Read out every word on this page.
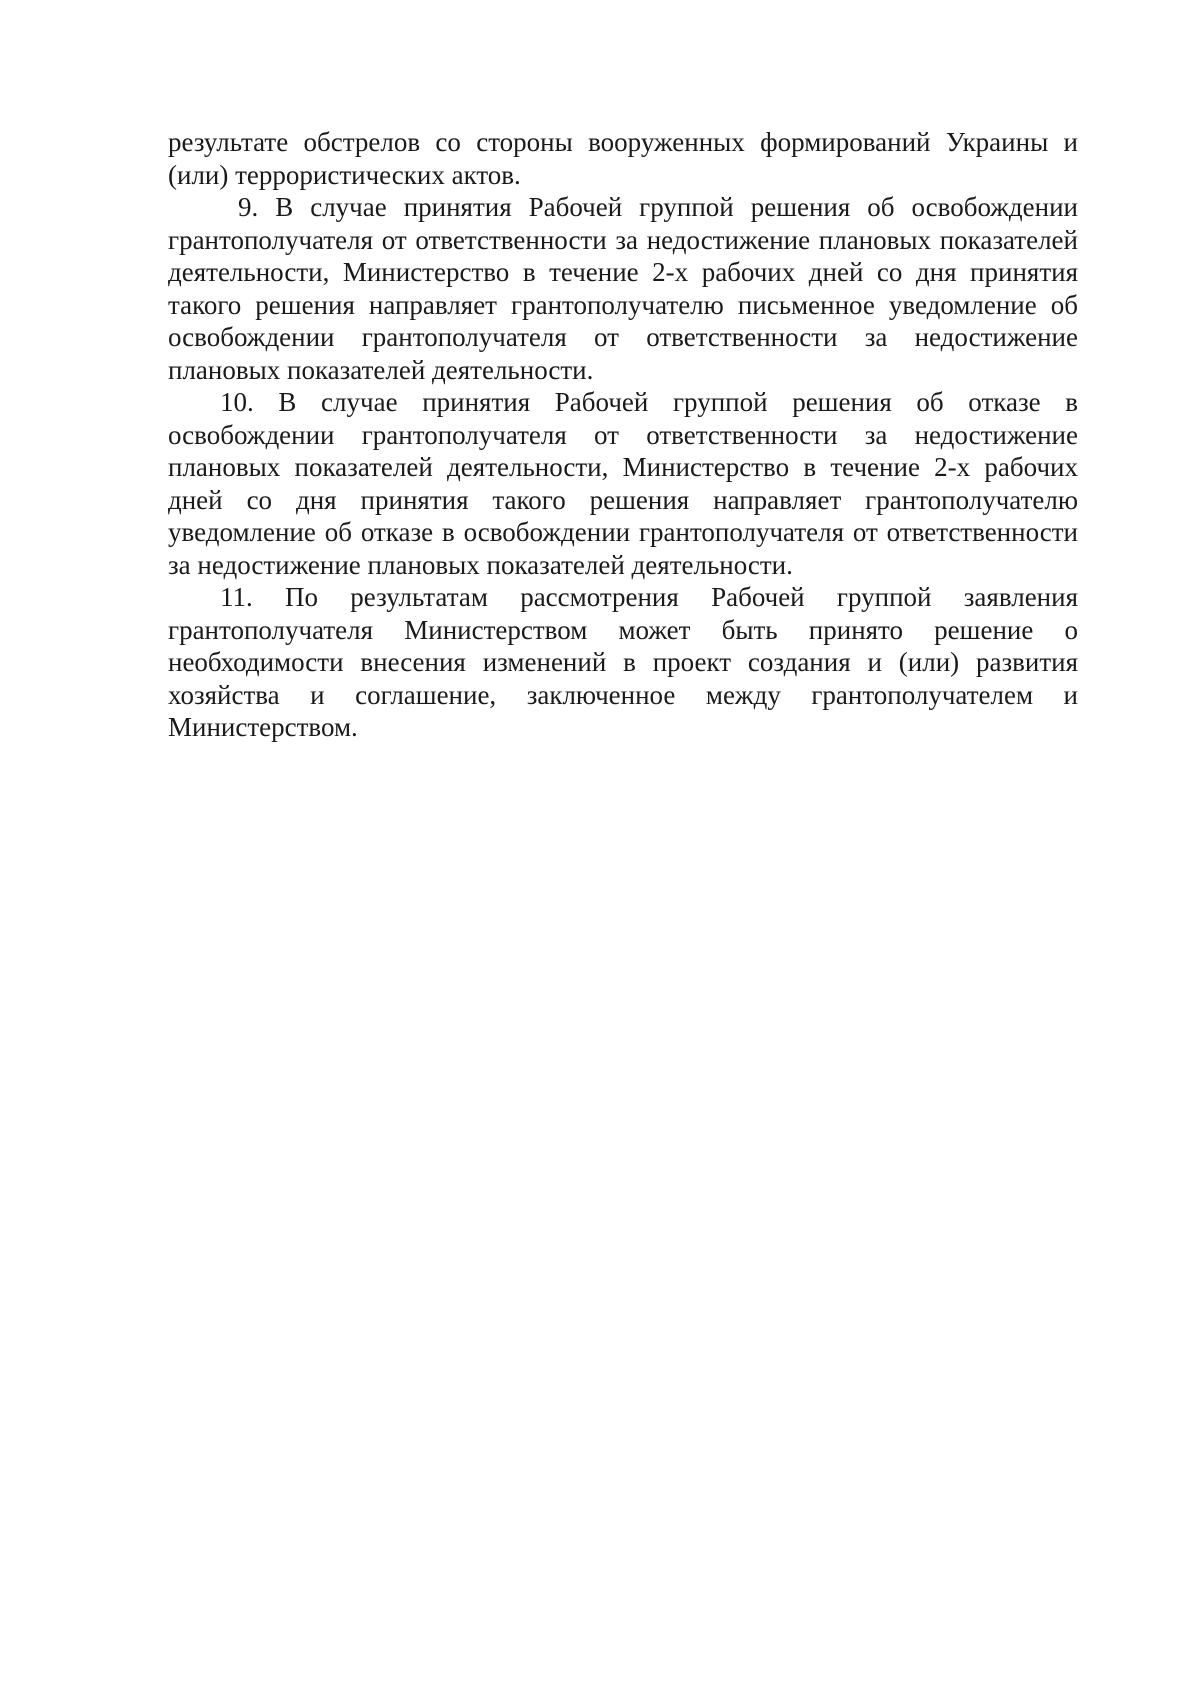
результате обстрелов со стороны вооруженных формирований Украины и (или) террористических актов.

9. В случае принятия Рабочей группой решения об освобождении грантополучателя от ответственности за недостижение плановых показателей деятельности, Министерство в течение 2-х рабочих дней со дня принятия такого решения направляет грантополучателю письменное уведомление об освобождении грантополучателя от ответственности за недостижение плановых показателей деятельности.

10. В случае принятия Рабочей группой решения об отказе в освобождении грантополучателя от ответственности за недостижение плановых показателей деятельности, Министерство в течение 2-х рабочих дней со дня принятия такого решения направляет грантополучателю уведомление об отказе в освобождении грантополучателя от ответственности за недостижение плановых показателей деятельности.

11. По результатам рассмотрения Рабочей группой заявления грантополучателя Министерством может быть принято решение о необходимости внесения изменений в проект создания и (или) развития хозяйства и соглашение, заключенное между грантополучателем и Министерством.
